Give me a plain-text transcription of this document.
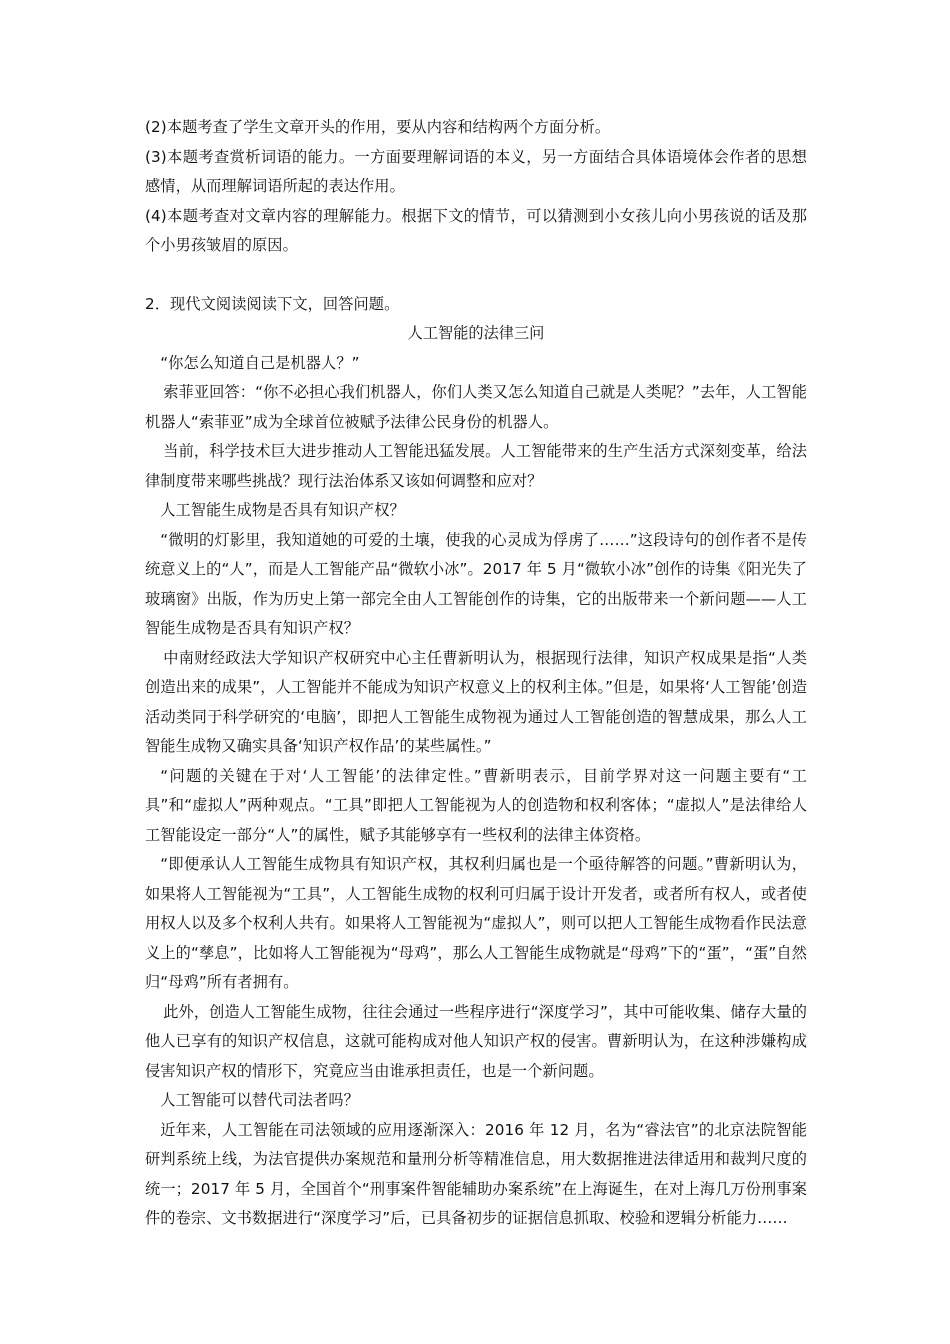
(2)本题考查了学生文章开头的作用，要从内容和结构两个方面分析。

(3)本题考查赏析词语的能力。一方面要理解词语的本义，另一方面结合具体语境体会作者的思想感情，从而理解词语所起的表达作用。

(4)本题考查对文章内容的理解能力。根据下文的情节，可以猜测到小女孩儿向小男孩说的话及那个小男孩皱眉的原因。

2．现代文阅读阅读下文，回答问题。

人工智能的法律三问

“你怎么知道自己是机器人？”

索菲亚回答：“你不必担心我们机器人，你们人类又怎么知道自己就是人类呢？”去年，人工智能机器人“索菲亚”成为全球首位被赋予法律公民身份的机器人。

当前，科学技术巨大进步推动人工智能迅猛发展。人工智能带来的生产生活方式深刻变革，给法律制度带来哪些挑战？现行法治体系又该如何调整和应对？

人工智能生成物是否具有知识产权？

“微明的灯影里，我知道她的可爱的土壤，使我的心灵成为俘虏了……”这段诗句的创作者不是传统意义上的“人”，而是人工智能产品“微软小冰”。2017 年 5 月“微软小冰”创作的诗集《阳光失了玻璃窗》出版，作为历史上第一部完全由人工智能创作的诗集，它的出版带来一个新问题——人工智能生成物是否具有知识产权？

中南财经政法大学知识产权研究中心主任曹新明认为，根据现行法律，知识产权成果是指“人类创造出来的成果”，人工智能并不能成为知识产权意义上的权利主体。”但是，如果将‘人工智能’创造活动类同于科学研究的‘电脑’，即把人工智能生成物视为通过人工智能创造的智慧成果，那么人工智能生成物又确实具备‘知识产权作品’的某些属性。”

“问题的关键在于对‘人工智能’的法律定性。”曹新明表示，目前学界对这一问题主要有“工具”和“虚拟人”两种观点。“工具”即把人工智能视为人的创造物和权利客体；“虚拟人”是法律给人工智能设定一部分“人”的属性，赋予其能够享有一些权利的法律主体资格。

“即便承认人工智能生成物具有知识产权，其权利归属也是一个亟待解答的问题。”曹新明认为，如果将人工智能视为“工具”，人工智能生成物的权利可归属于设计开发者，或者所有权人，或者使用权人以及多个权利人共有。如果将人工智能视为“虚拟人”，则可以把人工智能生成物看作民法意义上的“孳息”，比如将人工智能视为“母鸡”，那么人工智能生成物就是“母鸡”下的“蛋”，“蛋”自然归“母鸡”所有者拥有。

此外，创造人工智能生成物，往往会通过一些程序进行“深度学习”，其中可能收集、储存大量的他人已享有的知识产权信息，这就可能构成对他人知识产权的侵害。曹新明认为，在这种涉嫌构成侵害知识产权的情形下，究竟应当由谁承担责任，也是一个新问题。

人工智能可以替代司法者吗？

近年来，人工智能在司法领域的应用逐渐深入：2016 年 12 月，名为“睿法官”的北京法院智能研判系统上线，为法官提供办案规范和量刑分析等精准信息，用大数据推进法律适用和裁判尺度的统一；2017 年 5 月，全国首个“刑事案件智能辅助办案系统”在上海诞生，在对上海几万份刑事案件的卷宗、文书数据进行“深度学习”后，已具备初步的证据信息抓取、校验和逻辑分析能力……
